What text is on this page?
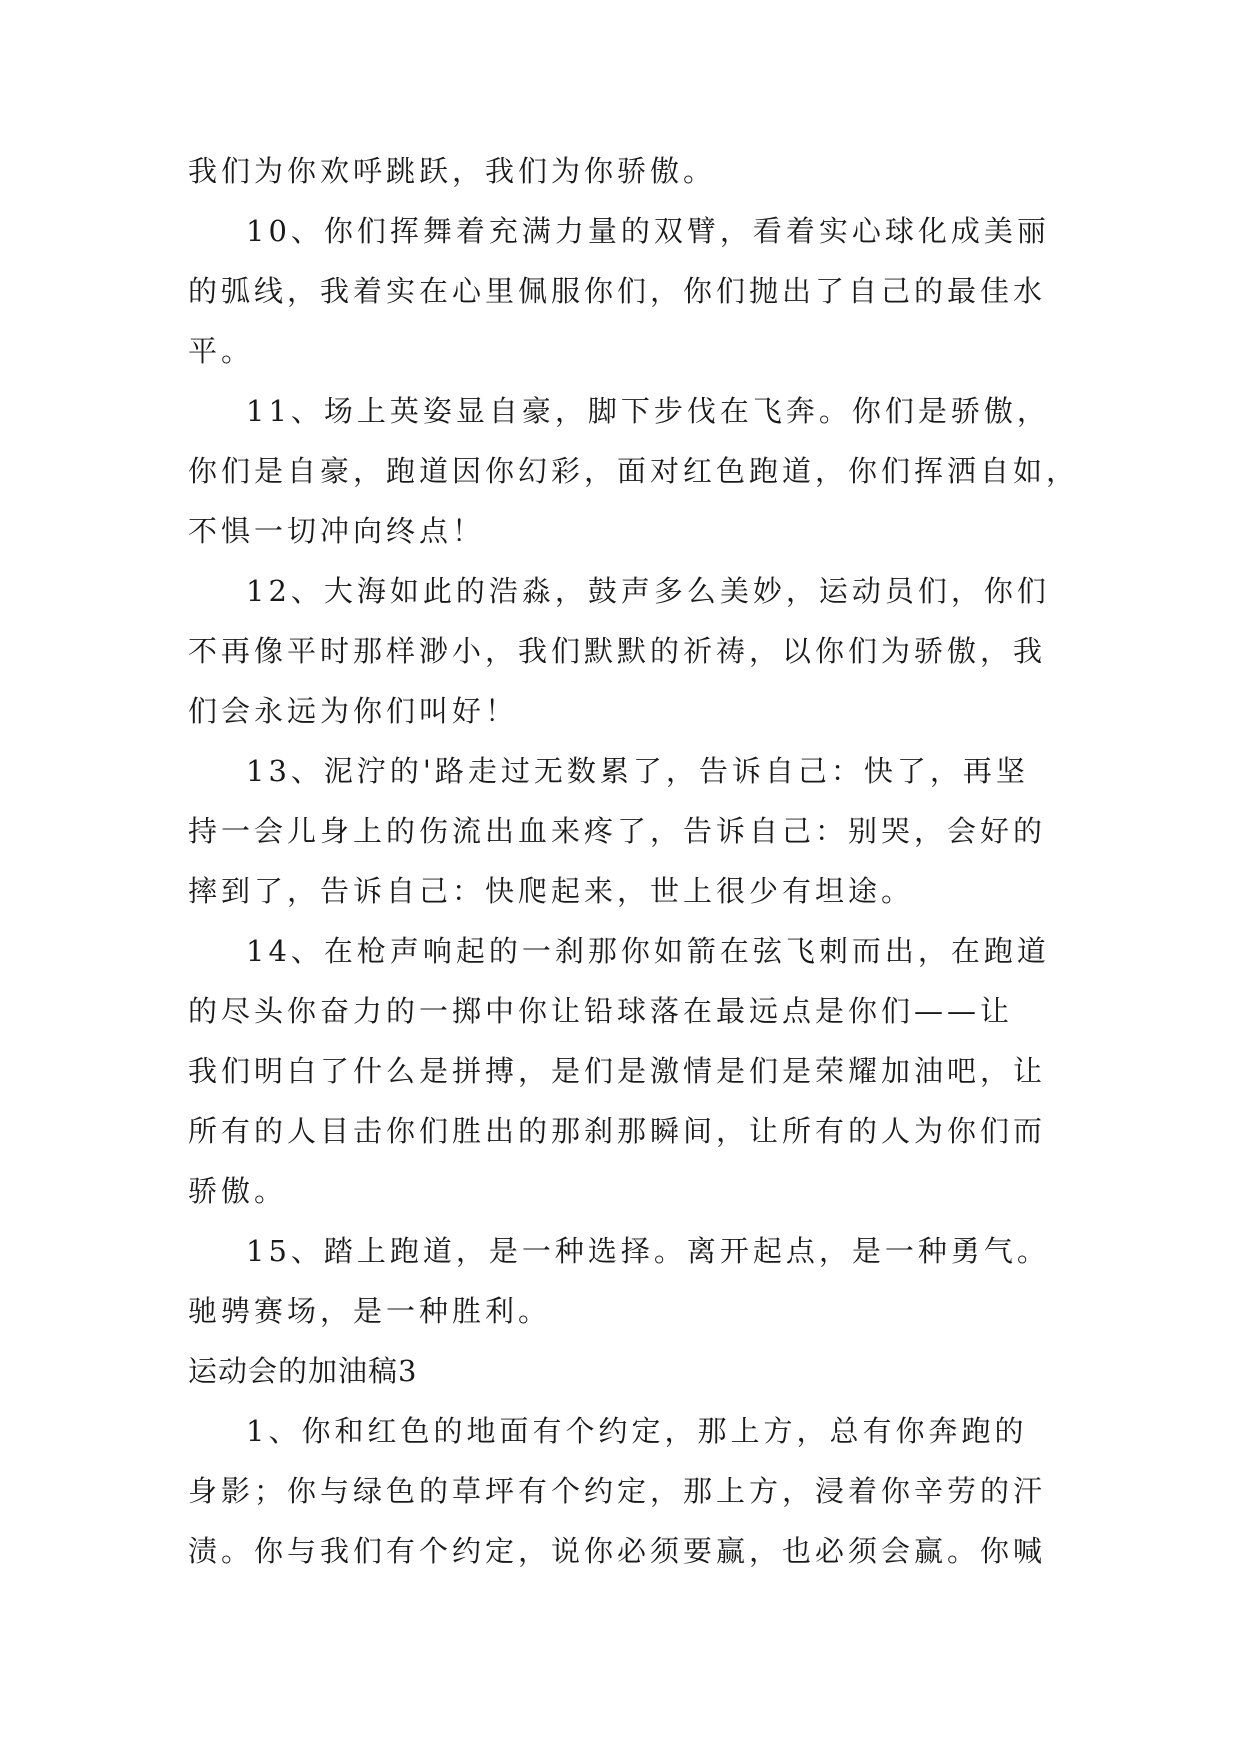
我们为你欢呼跳跃，我们为你骄傲。
10、你们挥舞着充满力量的双臂，看着实心球化成美丽
的弧线，我着实在心里佩服你们，你们抛出了自己的最佳水
平。
11、场上英姿显自豪，脚下步伐在飞奔。你们是骄傲，
你们是自豪，跑道因你幻彩，面对红色跑道，你们挥洒自如，
不惧一切冲向终点！
12、大海如此的浩淼，鼓声多么美妙，运动员们，你们
不再像平时那样渺小，我们默默的祈祷，以你们为骄傲，我
们会永远为你们叫好！
13、泥泞的'路走过无数累了，告诉自己：快了，再坚
持一会儿身上的伤流出血来疼了，告诉自己：别哭，会好的
摔到了，告诉自己：快爬起来，世上很少有坦途。
14、在枪声响起的一刹那你如箭在弦飞刺而出，在跑道
的尽头你奋力的一掷中你让铅球落在最远点是你们——让
我们明白了什么是拼搏，是们是激情是们是荣耀加油吧，让
所有的人目击你们胜出的那刹那瞬间，让所有的人为你们而
骄傲。
15、踏上跑道，是一种选择。离开起点，是一种勇气。
驰骋赛场，是一种胜利。
运动会的加油稿3
1、你和红色的地面有个约定，那上方，总有你奔跑的
身影；你与绿色的草坪有个约定，那上方，浸着你辛劳的汗
渍。你与我们有个约定，说你必须要赢，也必须会赢。你喊
